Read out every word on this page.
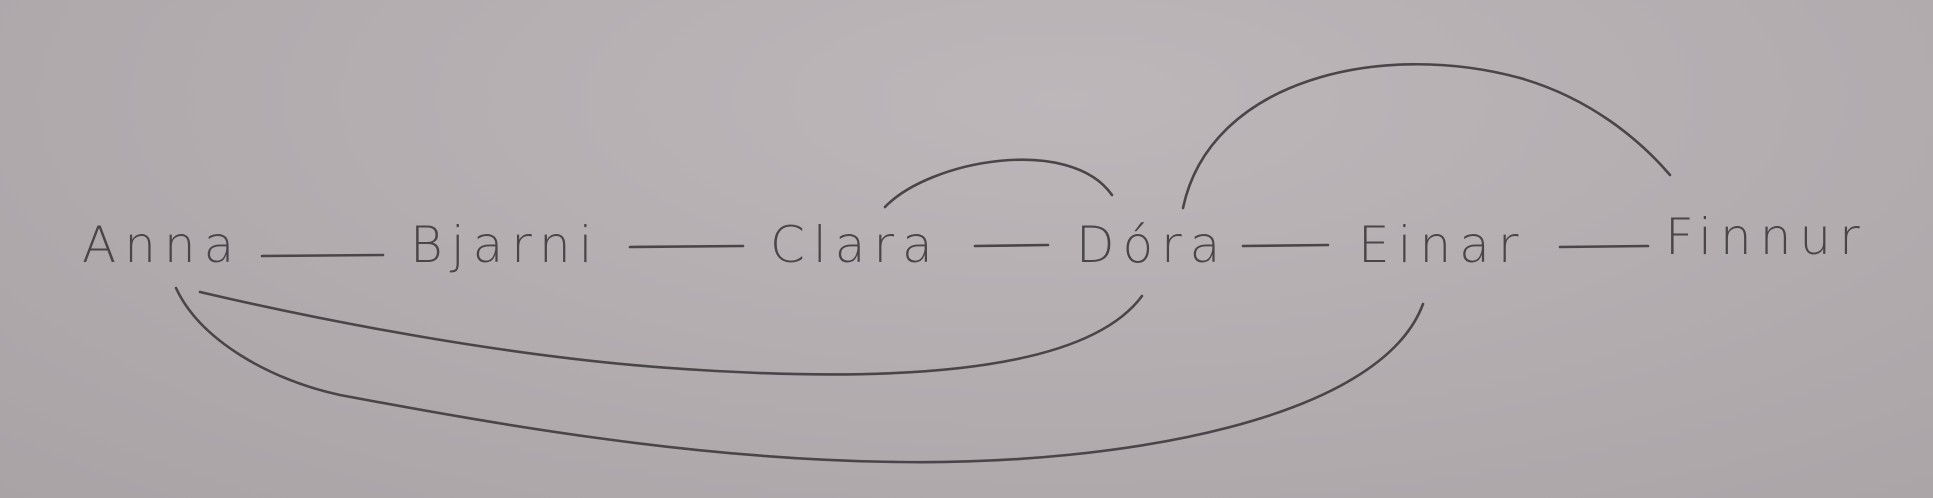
Anna	Bjarni	Clara	Dóra	Einar	Finnur
